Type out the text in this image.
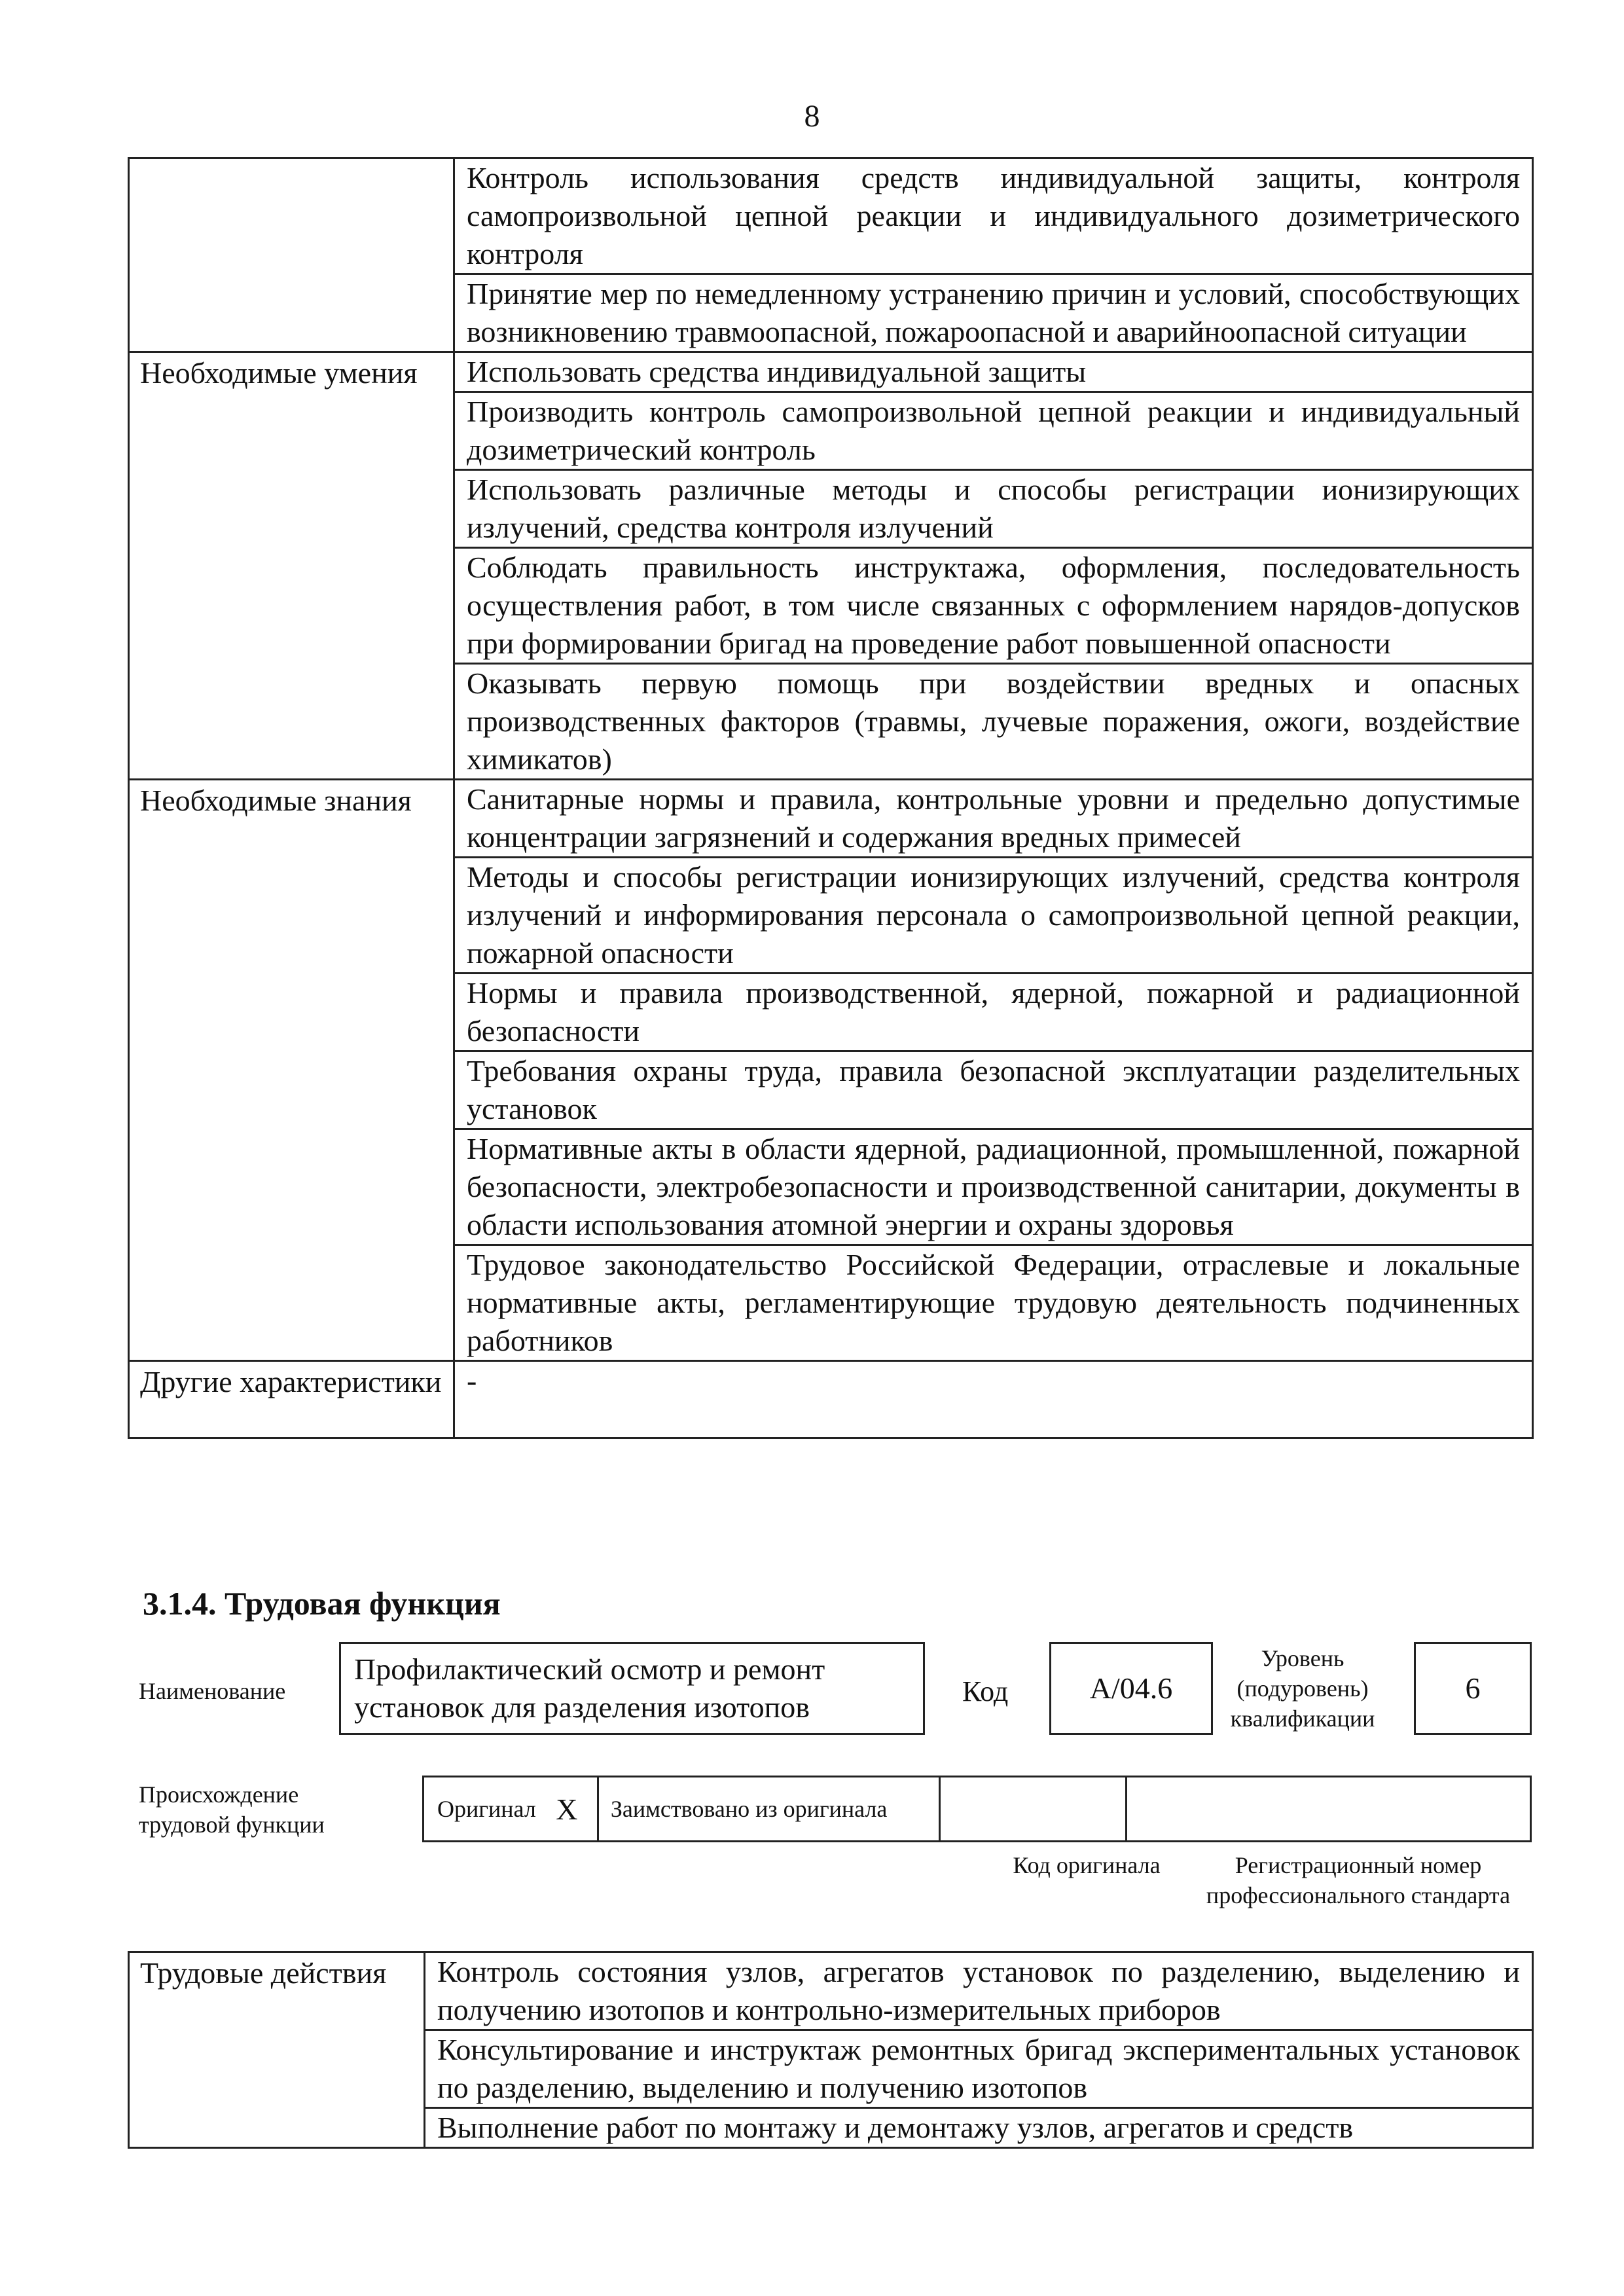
8
	Контроль использования средств индивидуальной защиты, контроля самопроизвольной цепной реакции и индивидуального дозиметрического контроля
	Принятие мер по немедленному устранению причин и условий, способствующих возникновению травмоопасной, пожароопасной и аварийноопасной ситуации
Необходимые умения	Использовать средства индивидуальной защиты
	Производить контроль самопроизвольной цепной реакции и индивидуальный дозиметрический контроль
	Использовать различные методы и способы регистрации ионизирующих излучений, средства контроля излучений
	Соблюдать правильность инструктажа, оформления, последовательность осуществления работ, в том числе связанных с оформлением нарядов-допусков при формировании бригад на проведение работ повышенной опасности
	Оказывать первую помощь при воздействии вредных и опасных производственных факторов (травмы, лучевые поражения, ожоги, воздействие химикатов)
Необходимые знания	Санитарные нормы и правила, контрольные уровни и предельно допустимые концентрации загрязнений и содержания вредных примесей
	Методы и способы регистрации ионизирующих излучений, средства контроля излучений и информирования персонала о самопроизвольной цепной реакции, пожарной опасности
	Нормы и правила производственной, ядерной, пожарной и радиационной безопасности
	Требования охраны труда, правила безопасной эксплуатации разделительных установок
	Нормативные акты в области ядерной, радиационной, промышленной, пожарной безопасности, электробезопасности и производственной санитарии, документы в области использования атомной энергии и охраны здоровья
	Трудовое законодательство Российской Федерации, отраслевые и локальные нормативные акты, регламентирующие трудовую деятельность подчиненных работников
Другие характеристики	-
3.1.4. Трудовая функция
Наименование
Профилактический осмотр и ремонт установок для разделения изотопов	Код	А/04.6
Уровень (подуровень) квалификации
6
Происхождение трудовой функции
Оригинал	X	Заимствовано из оригинала		
Код оригинала	Регистрационный номер профессионального стандарта
Трудовые действия	Контроль состояния узлов, агрегатов установок по разделению, выделению и получению изотопов и контрольно-измерительных приборов
Консультирование и инструктаж ремонтных бригад экспериментальных установок по разделению, выделению и получению изотопов
Выполнение работ по монтажу и демонтажу узлов, агрегатов и средств
